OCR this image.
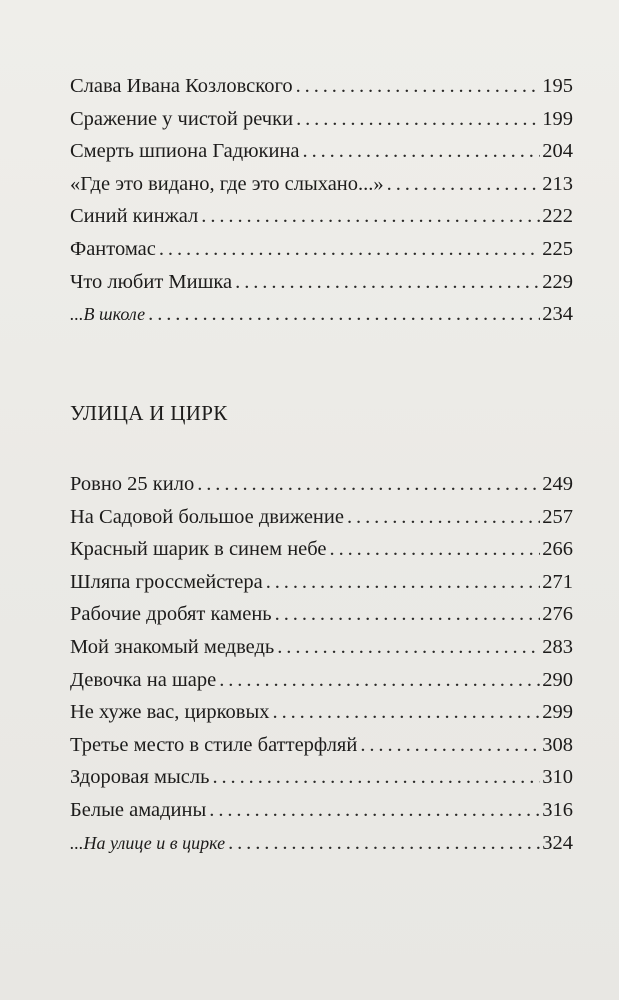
Слава Ивана Козловского . . .	195
Сражение у чистой речки . . .	199
Смерть шпиона Гадюкина . . .	204
«Где это видано, где это слыхано...» . . .	213
Синий кинжал . . .	222
Фантомас . . .	225
Что любит Мишка . . .	229
...В школе . . .	234
УЛИЦА И ЦИРК
Ровно 25 кило . . .	249
На Садовой большое движение . . .	257
Красный шарик в синем небе . . .	266
Шляпа гроссмейстера . . .	271
Рабочие дробят камень . . .	276
Мой знакомый медведь . . .	283
Девочка на шаре . . .	290
Не хуже вас, цирковых . . .	299
Третье место в стиле баттерфляй . . .	308
Здоровая мысль . . .	310
Белые амадины . . .	316
...На улице и в цирке . . .	324
